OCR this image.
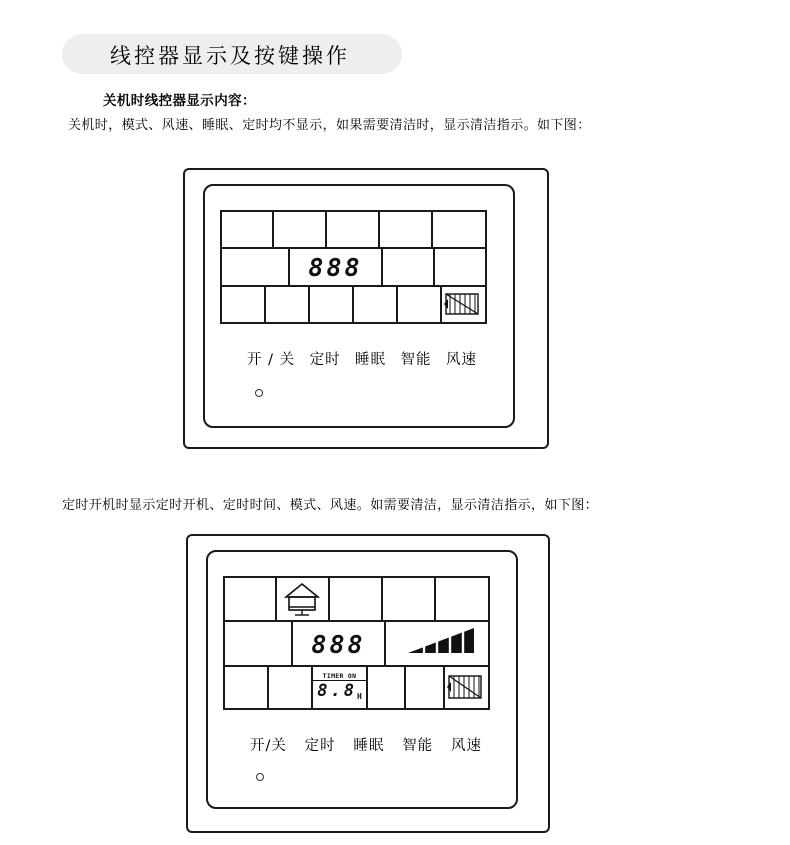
线控器显示及按键操作
关机时线控器显示内容：
关机时，模式、风速、睡眠、定时均不显示，如果需要清洁时，显示清洁指示。如下图：
888
开 / 关 定时 睡眠 智能 风速
定时开机时显示定时开机、定时时间、模式、风速。如需要清洁，显示清洁指示，如下图：
888
TIMER ON
8.8 H
开/关 定时 睡眠 智能 风速
